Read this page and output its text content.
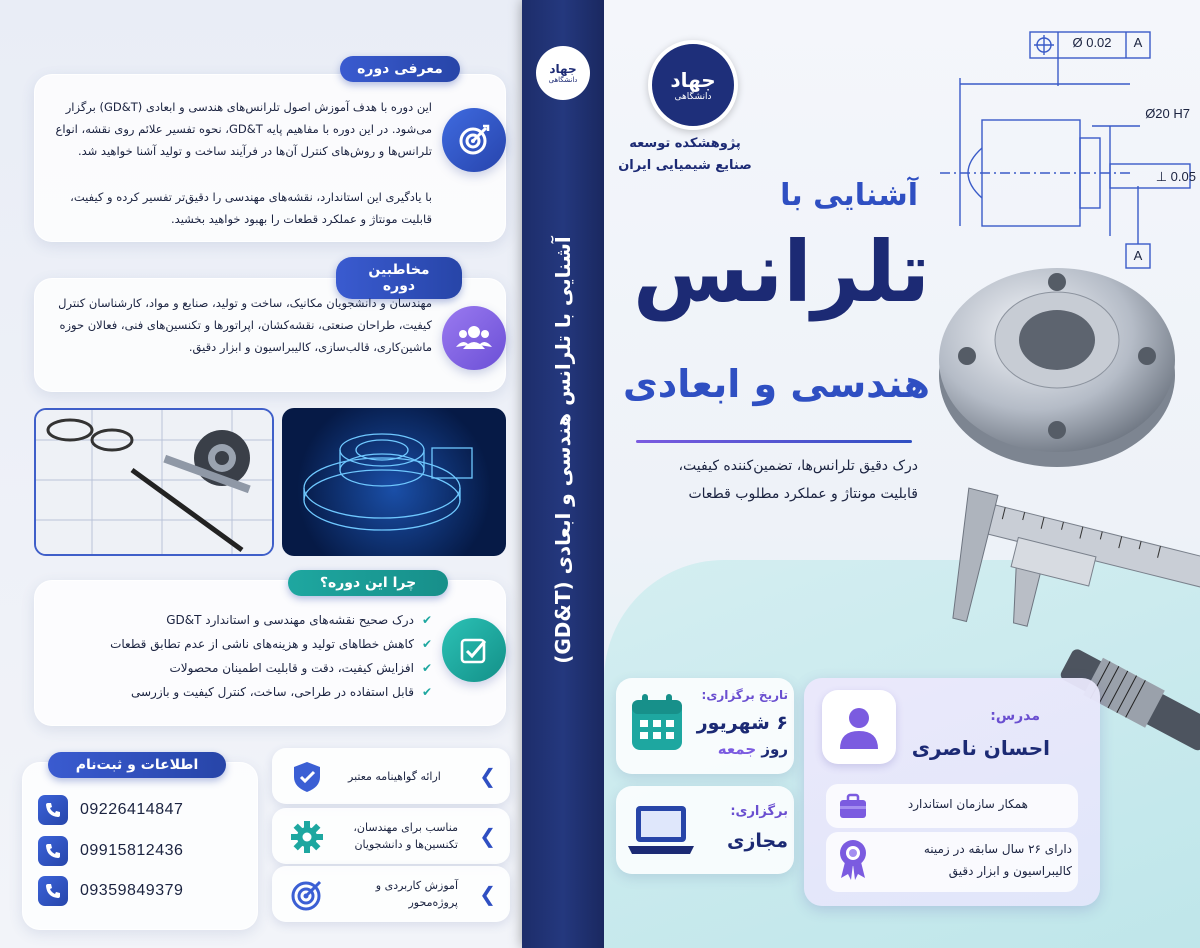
معرفی دوره
این دوره با هدف آموزش اصول تلرانس‌های هندسی و ابعادی (GD&T) برگزار می‌شود. در این دوره با مفاهیم پایه GD&T، نحوه تفسیر علائم روی نقشه، انواع تلرانس‌ها و روش‌های کنترل آن‌ها در فرآیند ساخت و تولید آشنا خواهید شد.
با یادگیری این استاندارد، نقشه‌های مهندسی را دقیق‌تر تفسیر کرده و کیفیت، قابلیت مونتاژ و عملکرد قطعات را بهبود خواهید بخشید.
مخاطبین دوره
مهندسان و دانشجویان مکانیک، ساخت و تولید، صنایع و مواد، کارشناسان کنترل کیفیت، طراحان صنعتی، نقشه‌کشان، اپراتورها و تکنسین‌های فنی، فعالان حوزه ماشین‌کاری، قالب‌سازی، کالیبراسیون و ابزار دقیق.
چرا این دوره؟
✔درک صحیح نقشه‌های مهندسی و استاندارد GD&T
✔کاهش خطاهای تولید و هزینه‌های ناشی از عدم تطابق قطعات
✔افزایش کیفیت، دقت و قابلیت اطمینان محصولات
✔قابل استفاده در طراحی، ساخت، کنترل کیفیت و بازرسی
اطلاعات و ثبت‌نام
09226414847
09915812436
09359849379
❯
ارائه گواهینامه معتبر
❯
مناسب برای مهندسان، تکنسین‌ها و دانشجویان
❯
آموزش کاربردی و پروژه‌محور
جهاد
دانشگاهی
آشنایی با تلرانس هندسی و ابعادی (GD&T)
جهاد
دانشگاهی
پژوهشکده توسعه
صنایع شیمیایی ایران
آشنایی با
تلرانس
هندسی و ابعادی
درک دقیق تلرانس‌ها، تضمین‌کننده کیفیت،
قابلیت مونتاژ و عملکرد مطلوب قطعات
Ø 0.02	A
Ø20 H7
⊥ 0.05
A
تاریخ برگزاری:
۶ شهریور
روز جمعه
برگزاری:
مجازی
مدرس:
احسان ناصری
همکار سازمان استاندارد
دارای ۲۶ سال سابقه در زمینه
کالیبراسیون و ابزار دقیق
